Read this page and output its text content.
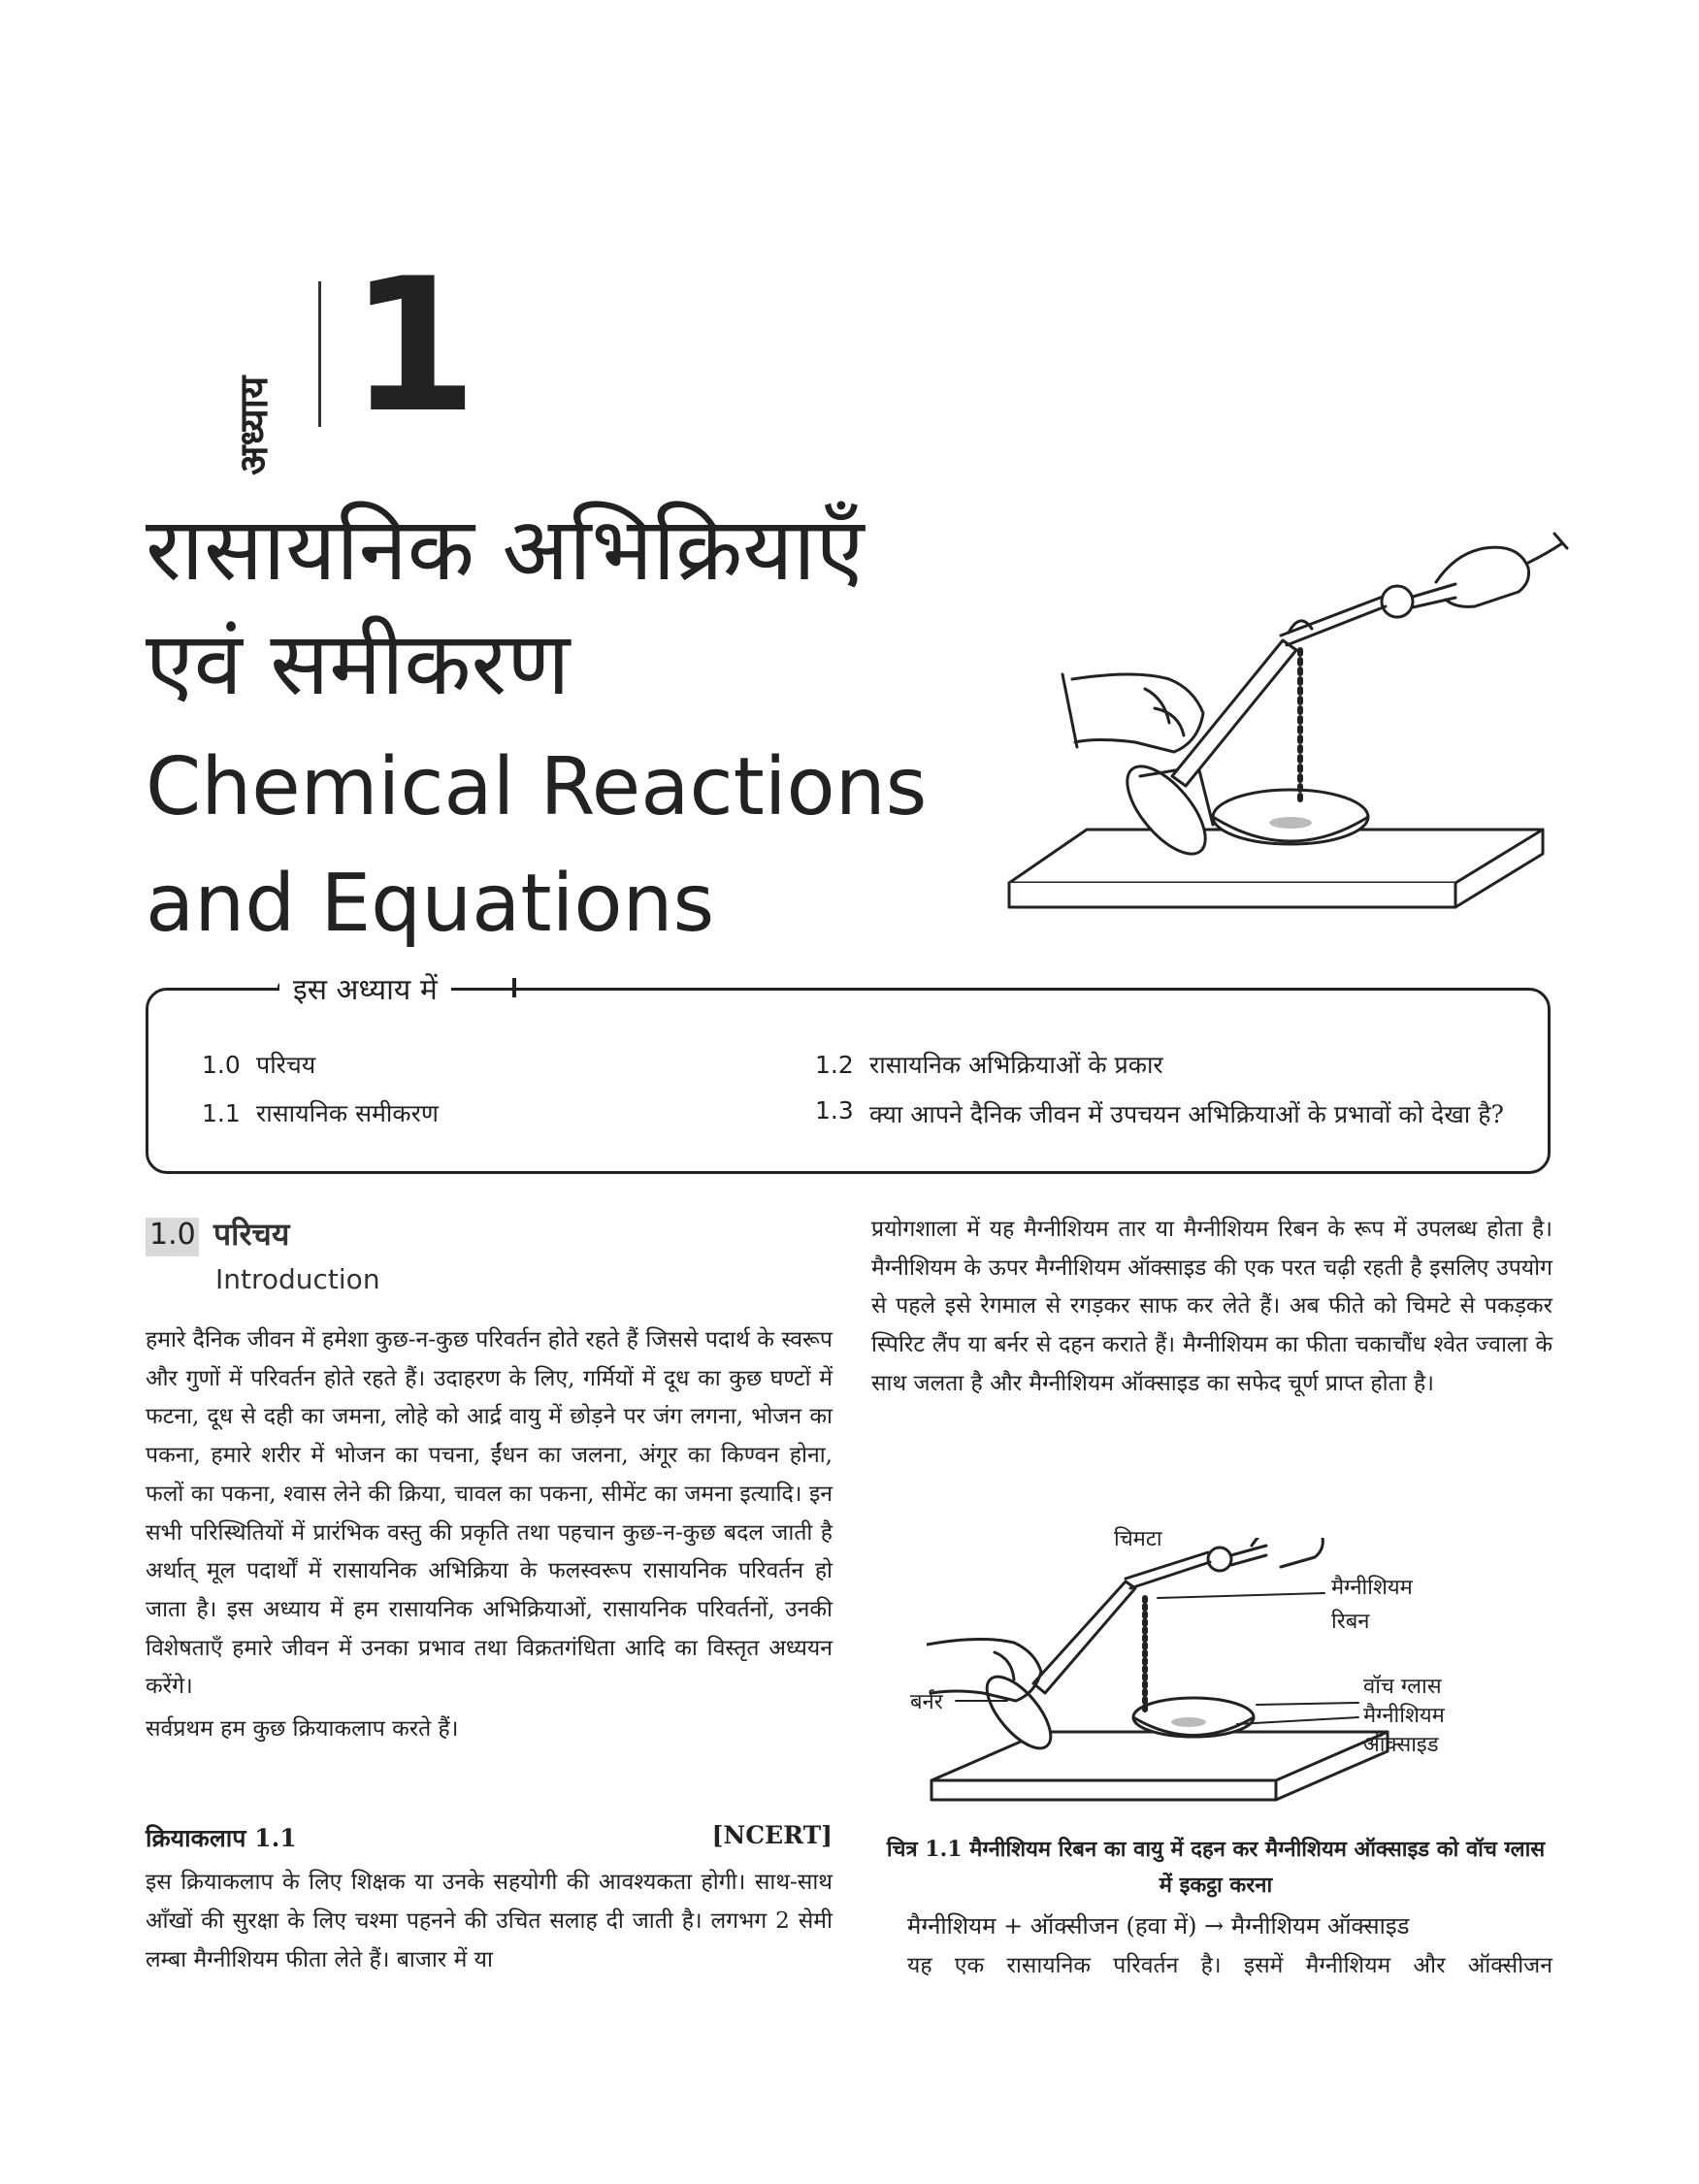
अध्याय 1
रासायनिक अभिक्रियाएँ
एवं समीकरण
Chemical Reactions
and Equations
इस अध्याय में
1.0 परिचय
1.1 रासायनिक समीकरण
1.2 रासायनिक अभिक्रियाओं के प्रकार
1.3 क्या आपने दैनिक जीवन में उपचयन अभिक्रियाओं के प्रभावों को देखा है?
1.0 परिचय
Introduction
हमारे दैनिक जीवन में हमेशा कुछ-न-कुछ परिवर्तन होते रहते हैं जिससे पदार्थ के स्वरूप और गुणों में परिवर्तन होते रहते हैं। उदाहरण के लिए, गर्मियों में दूध का कुछ घण्टों में फटना, दूध से दही का जमना, लोहे को आर्द्र वायु में छोड़ने पर जंग लगना, भोजन का पकना, हमारे शरीर में भोजन का पचना, ईंधन का जलना, अंगूर का किण्वन होना, फलों का पकना, श्वास लेने की क्रिया, चावल का पकना, सीमेंट का जमना इत्यादि। इन सभी परिस्थितियों में प्रारंभिक वस्तु की प्रकृति तथा पहचान कुछ-न-कुछ बदल जाती है अर्थात् मूल पदार्थों में रासायनिक अभिक्रिया के फलस्वरूप रासायनिक परिवर्तन हो जाता है। इस अध्याय में हम रासायनिक अभिक्रियाओं, रासायनिक परिवर्तनों, उनकी विशेषताएँ हमारे जीवन में उनका प्रभाव तथा विक्रतगंधिता आदि का विस्तृत अध्ययन करेंगे।
सर्वप्रथम हम कुछ क्रियाकलाप करते हैं।
क्रियाकलाप 1.1	[NCERT]
इस क्रियाकलाप के लिए शिक्षक या उनके सहयोगी की आवश्यकता होगी। साथ-साथ आँखों की सुरक्षा के लिए चश्मा पहनने की उचित सलाह दी जाती है। लगभग 2 सेमी लम्बा मैग्नीशियम फीता लेते हैं। बाजार में या
प्रयोगशाला में यह मैग्नीशियम तार या मैग्नीशियम रिबन के रूप में उपलब्ध होता है। मैग्नीशियम के ऊपर मैग्नीशियम ऑक्साइड की एक परत चढ़ी रहती है इसलिए उपयोग से पहले इसे रेगमाल से रगड़कर साफ कर लेते हैं। अब फीते को चिमटे से पकड़कर स्पिरिट लैंप या बर्नर से दहन कराते हैं। मैग्नीशियम का फीता चकाचौंध श्वेत ज्वाला के साथ जलता है और मैग्नीशियम ऑक्साइड का सफेद चूर्ण प्राप्त होता है।
चिमटा
मैग्नीशियम
रिबन
वॉच ग्लास
मैग्नीशियम
ऑक्साइड
बर्नर
चित्र 1.1 मैग्नीशियम रिबन का वायु में दहन कर मैग्नीशियम ऑक्साइड को वॉच ग्लास में इकट्ठा करना
मैग्नीशियम + ऑक्सीजन (हवा में) → मैग्नीशियम ऑक्साइड
यह एक रासायनिक परिवर्तन है। इसमें मैग्नीशियम और ऑक्सीजन
